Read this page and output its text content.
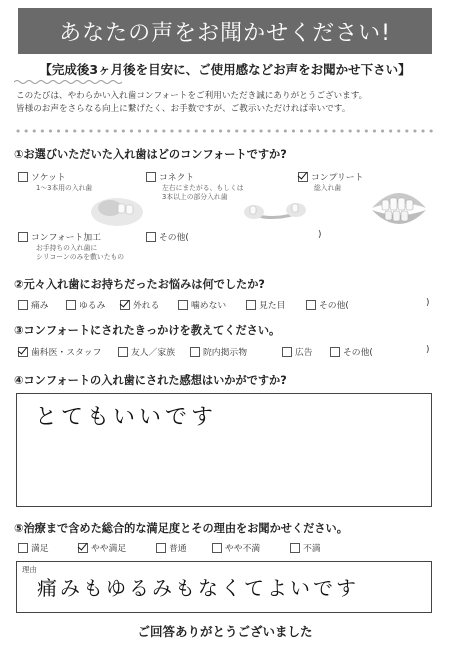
あなたの声をお聞かせください!
【完成後3ヶ月後を目安に、ご使用感などお声をお聞かせ下さい】
このたびは、やわらかい入れ歯コンフォートをご利用いただき誠にありがとうございます。
皆様のお声をさらなる向上に繋げたく、お手数ですが、ご教示いただければ幸いです。
①お選びいただいた入れ歯はどのコンフォートですか?
ソケット
1～3本用の入れ歯
コネクト
左右にまたがる、もしくは
3本以上の部分入れ歯
コンプリート
総入れ歯
コンフォート加工
お手持ちの入れ歯に
シリコーンのみを敷いたもの
その他(	)
②元々入れ歯にお持ちだったお悩みは何でしたか?
痛み	ゆるみ	外れる	噛めない	見た目	その他(	)
③コンフォートにされたきっかけを教えてください。
歯科医・スタッフ	友人／家族	院内掲示物	広告	その他(	)
④コンフォートの入れ歯にされた感想はいかがですか?
とてもいいです
⑤治療まで含めた総合的な満足度とその理由をお聞かせください。
満足	やや満足	普通	やや不満	不満
理由
痛みもゆるみもなくてよいです
ご回答ありがとうございました
